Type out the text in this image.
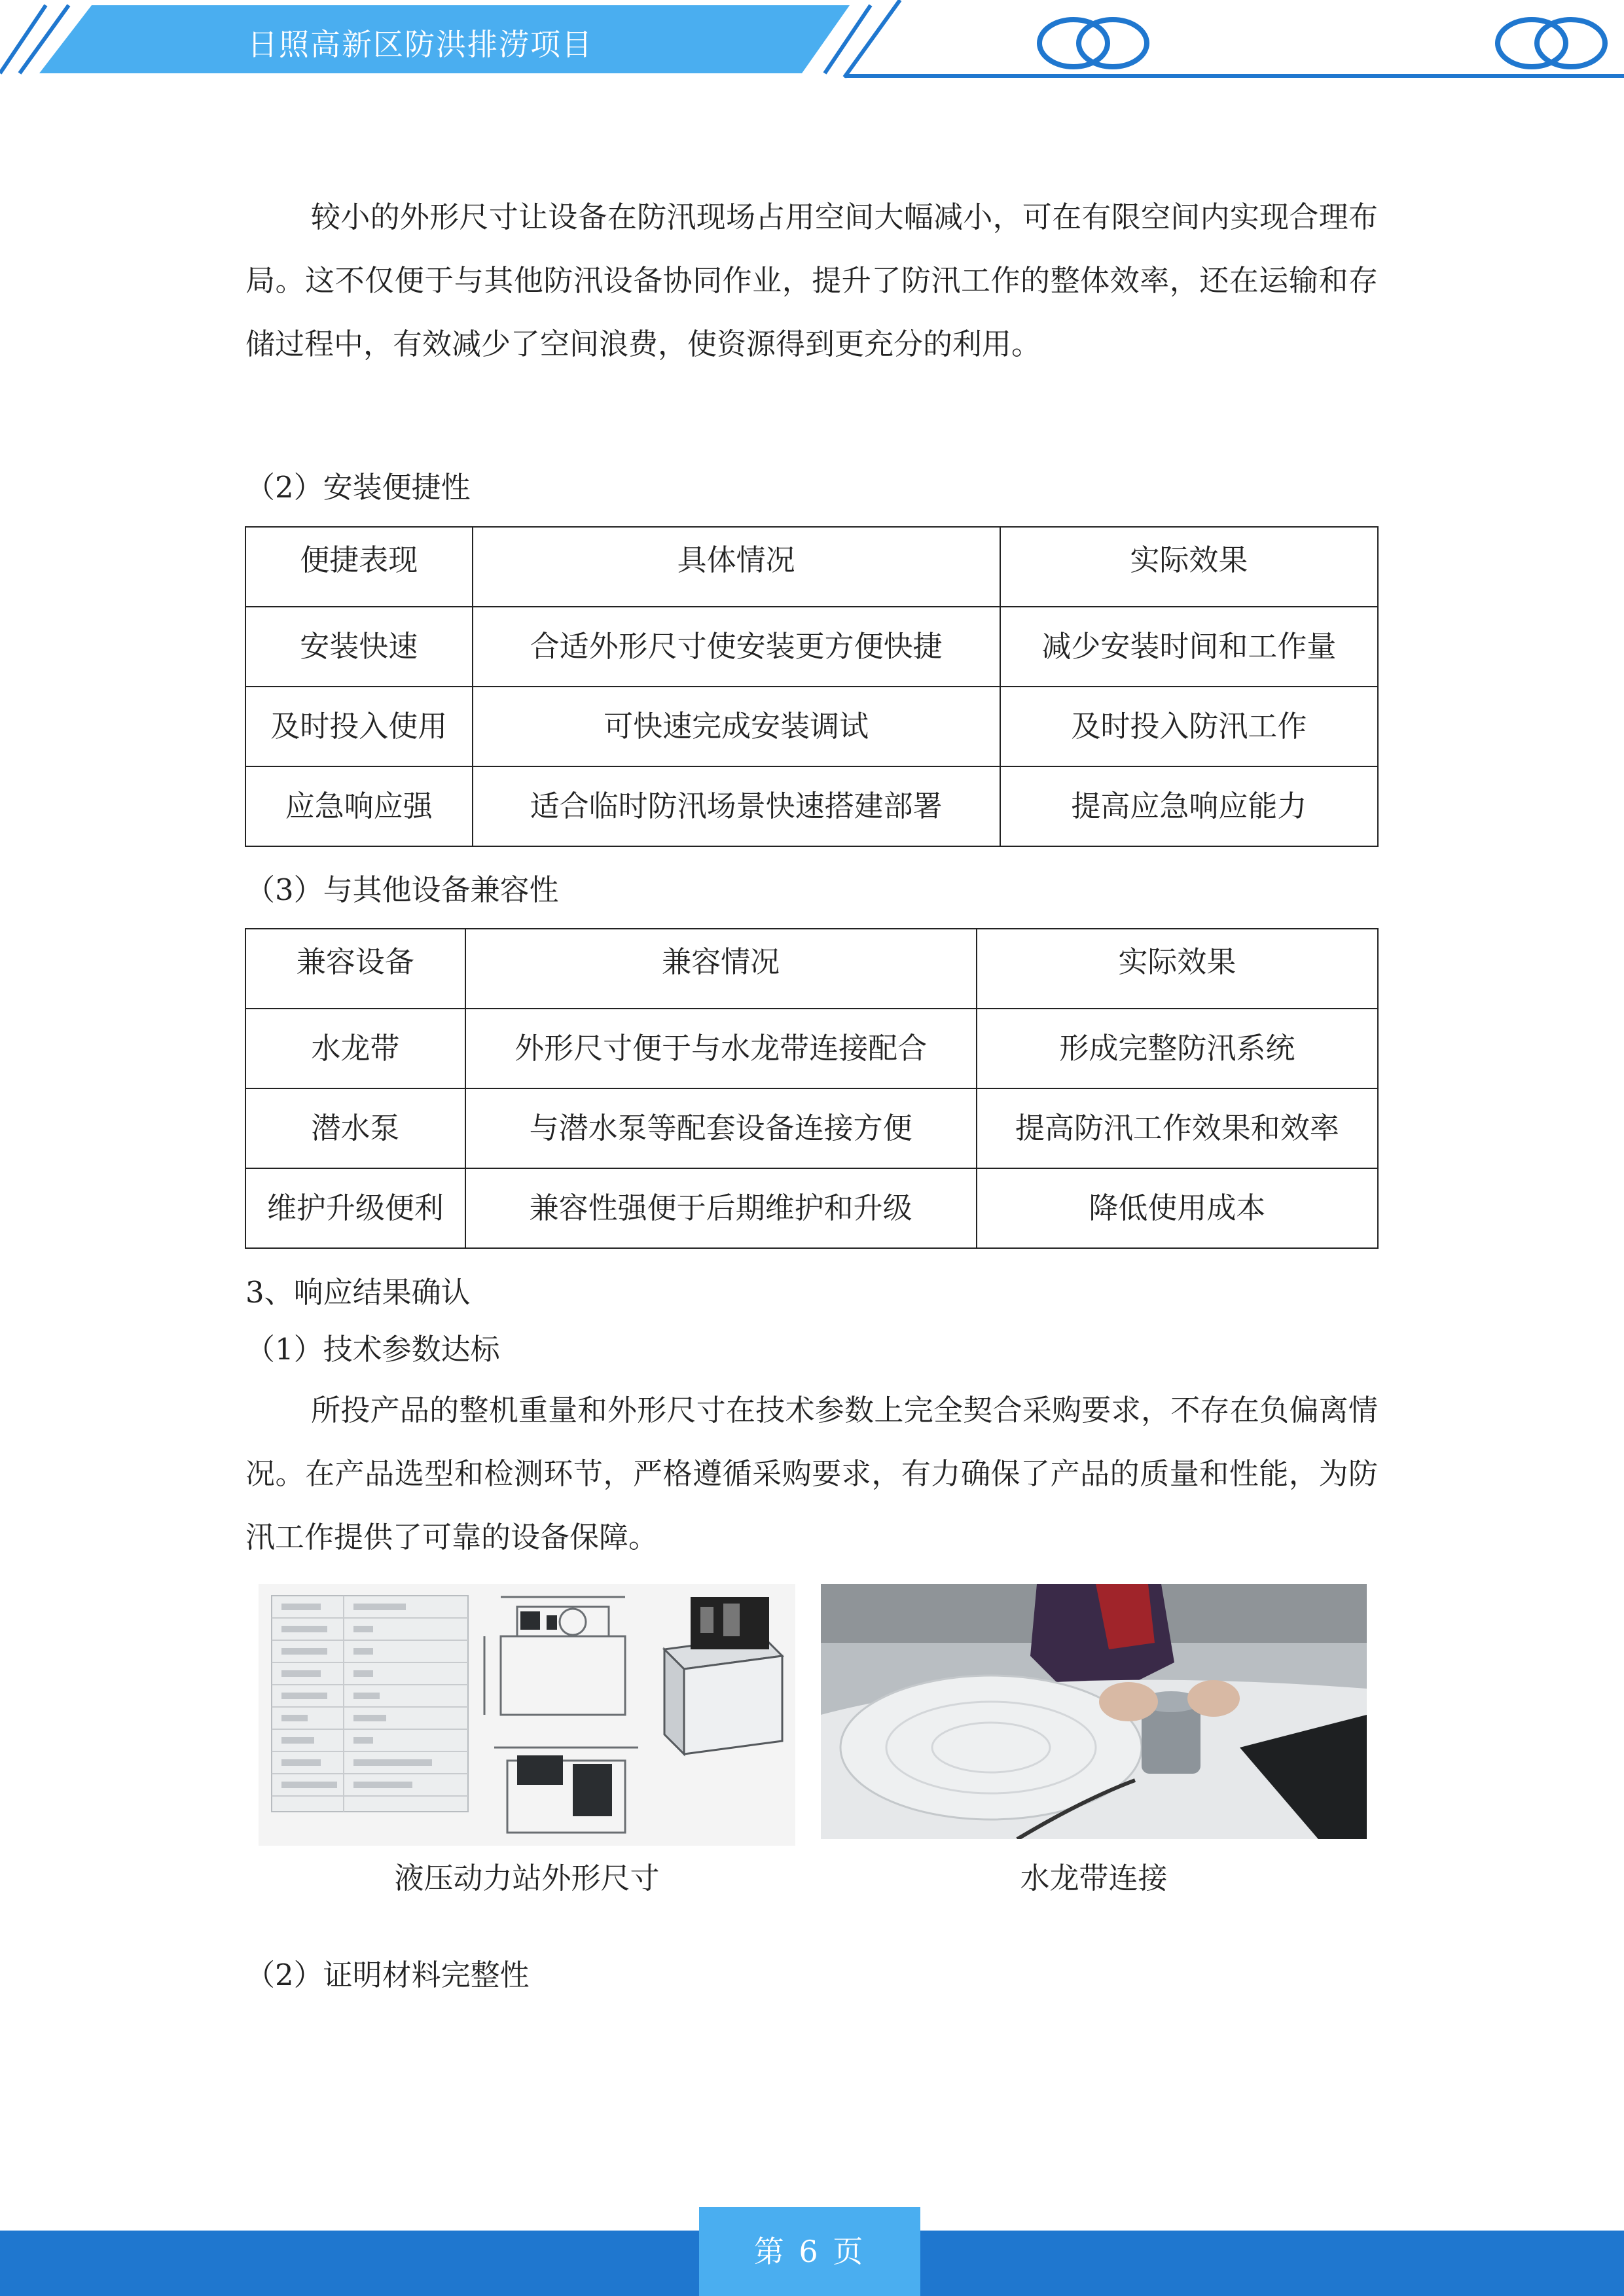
日照高新区防洪排涝项目

较小的外形尺寸让设备在防汛现场占用空间大幅减小，可在有限空间内实现合理布局。这不仅便于与其他防汛设备协同作业，提升了防汛工作的整体效率，还在运输和存储过程中，有效减少了空间浪费，使资源得到更充分的利用。

（2）安装便捷性

便捷表现	具体情况	实际效果
安装快速	合适外形尺寸使安装更方便快捷	减少安装时间和工作量
及时投入使用	可快速完成安装调试	及时投入防汛工作
应急响应强	适合临时防汛场景快速搭建部署	提高应急响应能力

（3）与其他设备兼容性

兼容设备	兼容情况	实际效果
水龙带	外形尺寸便于与水龙带连接配合	形成完整防汛系统
潜水泵	与潜水泵等配套设备连接方便	提高防汛工作效果和效率
维护升级便利	兼容性强便于后期维护和升级	降低使用成本

3、响应结果确认

（1）技术参数达标

所投产品的整机重量和外形尺寸在技术参数上完全契合采购要求，不存在负偏离情况。在产品选型和检测环节，严格遵循采购要求，有力确保了产品的质量和性能，为防汛工作提供了可靠的设备保障。

液压动力站外形尺寸	水龙带连接

（2）证明材料完整性

第 6 页
